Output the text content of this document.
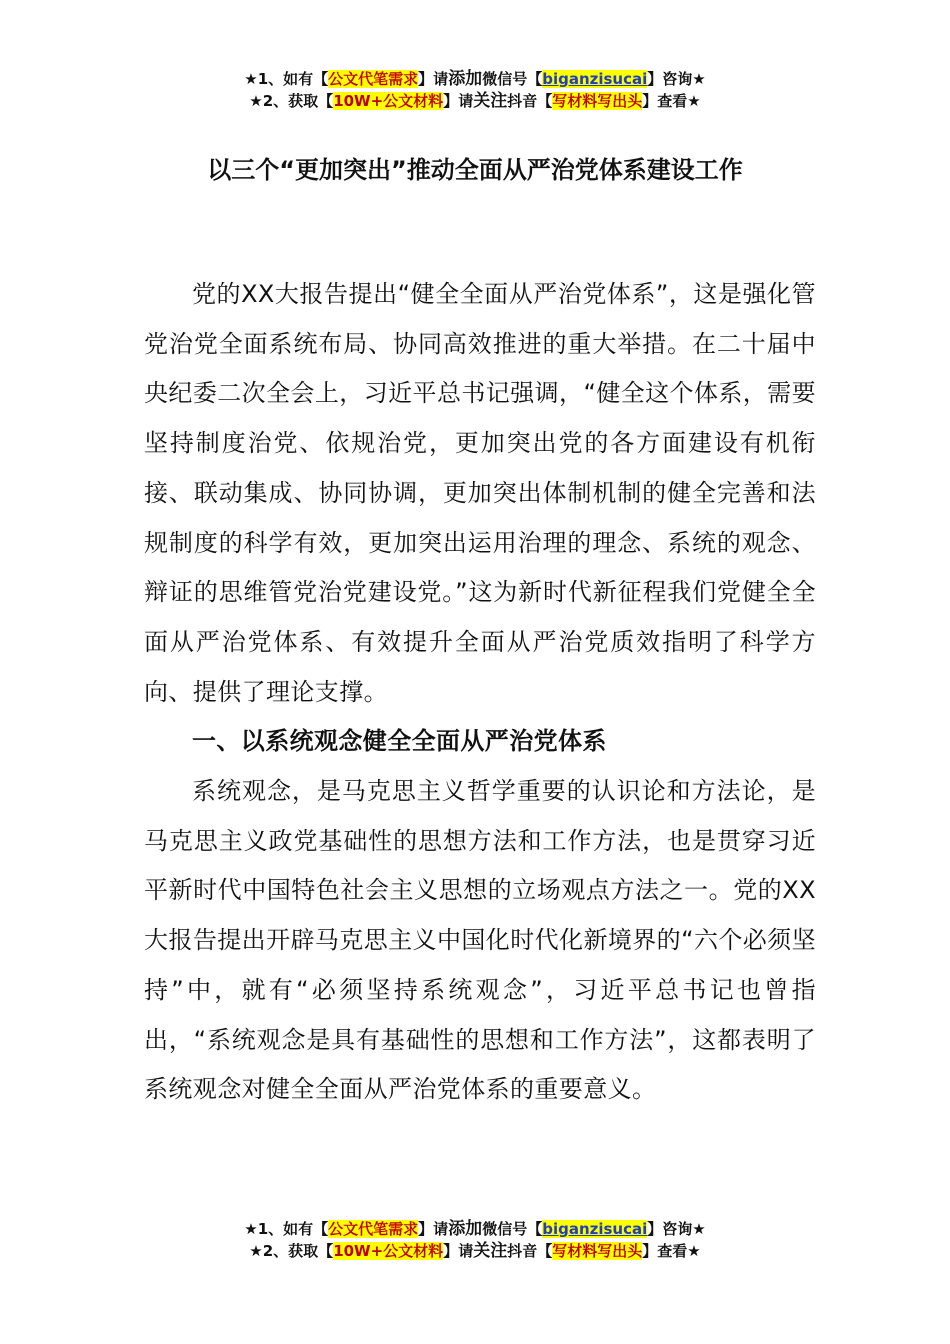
★1、如有【公文代笔需求】请添加微信号【biganzisucai】咨询★
★2、获取【10W+公文材料】请关注抖音【写材料写出头】查看★
以三个“更加突出”推动全面从严治党体系建设工作

党的XX大报告提出“健全全面从严治党体系”，这是强化管党治党全面系统布局、协同高效推进的重大举措。在二十届中央纪委二次全会上，习近平总书记强调，“健全这个体系，需要坚持制度治党、依规治党，更加突出党的各方面建设有机衔接、联动集成、协同协调，更加突出体制机制的健全完善和法规制度的科学有效，更加突出运用治理的理念、系统的观念、辩证的思维管党治党建设党。”这为新时代新征程我们党健全全面从严治党体系、有效提升全面从严治党质效指明了科学方向、提供了理论支撑。

一、以系统观念健全全面从严治党体系

系统观念，是马克思主义哲学重要的认识论和方法论，是马克思主义政党基础性的思想方法和工作方法，也是贯穿习近平新时代中国特色社会主义思想的立场观点方法之一。党的XX大报告提出开辟马克思主义中国化时代化新境界的“六个必须坚持”中，就有“必须坚持系统观念”，习近平总书记也曾指出，“系统观念是具有基础性的思想和工作方法”，这都表明了系统观念对健全全面从严治党体系的重要意义。

★1、如有【公文代笔需求】请添加微信号【biganzisucai】咨询★
★2、获取【10W+公文材料】请关注抖音【写材料写出头】查看★
